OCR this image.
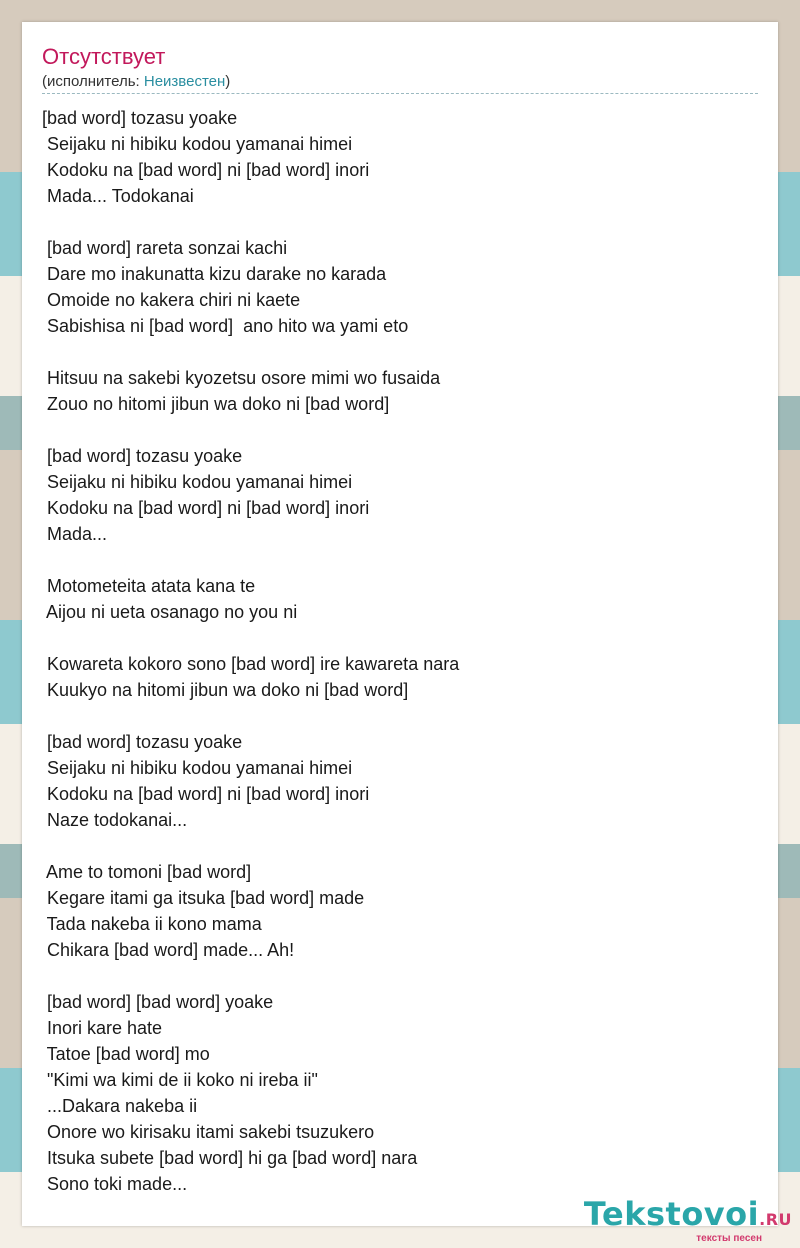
Отсутствует
(исполнитель: Неизвестен)
[bad word] tozasu yoake
Seijaku ni hibiku kodou yamanai himei
Kodoku na [bad word] ni [bad word] inori
Mada... Todokanai
[bad word] rareta sonzai kachi
Dare mo inakunatta kizu darake no karada
Omoide no kakera chiri ni kaete
Sabishisa ni [bad word]  ano hito wa yami eto
Hitsuu na sakebi kyozetsu osore mimi wo fusaida
Zouo no hitomi jibun wa doko ni [bad word]
[bad word] tozasu yoake
Seijaku ni hibiku kodou yamanai himei
Kodoku na [bad word] ni [bad word] inori
Mada...
Motometeita atata kana te
Aijou ni ueta osanago no you ni
Kowareta kokoro sono [bad word] ire kawareta nara
Kuukyo na hitomi jibun wa doko ni [bad word]
[bad word] tozasu yoake
Seijaku ni hibiku kodou yamanai himei
Kodoku na [bad word] ni [bad word] inori
Naze todokanai...
Ame to tomoni [bad word]
Kegare itami ga itsuka [bad word] made
Tada nakeba ii kono mama
Chikara [bad word] made... Ah!
[bad word] [bad word] yoake
Inori kare hate
Tatoe [bad word] mo
"Kimi wa kimi de ii koko ni ireba ii"
...Dakara nakeba ii
Onore wo kirisaku itami sakebi tsuzukero
Itsuka subete [bad word] hi ga [bad word] nara
Sono toki made...
Tekstovoi.RU
тексты песен
